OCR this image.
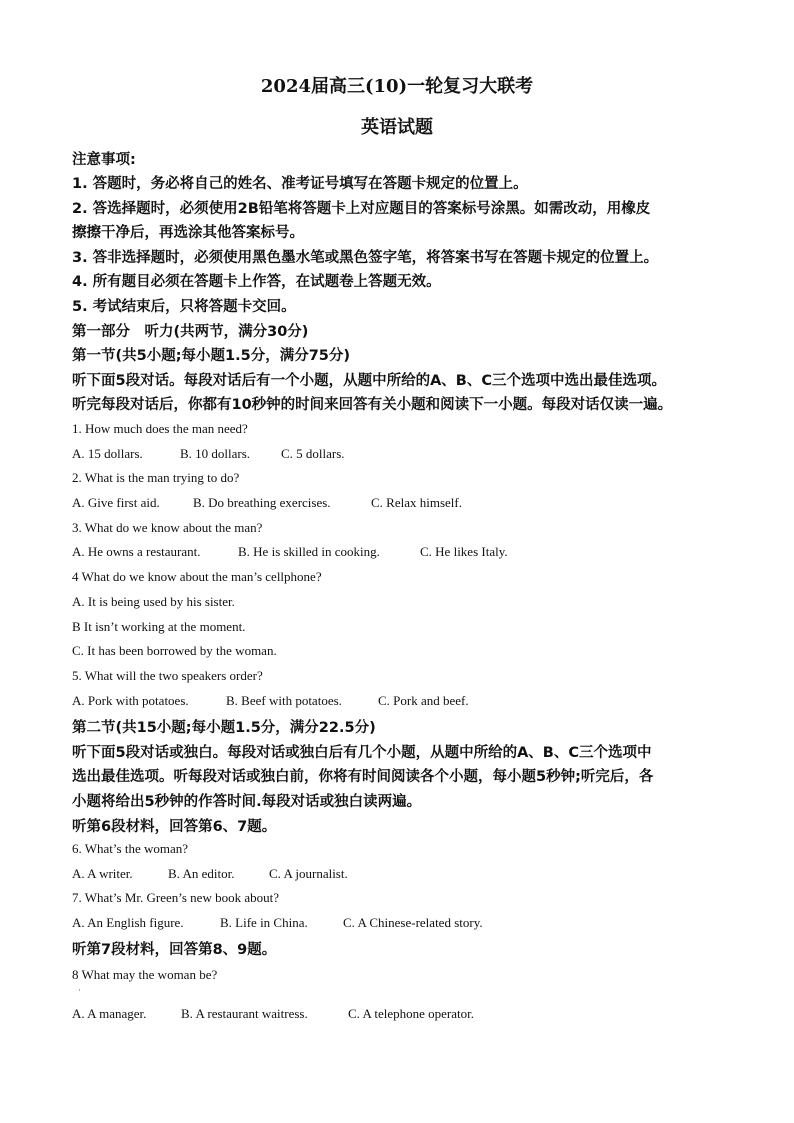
2024届高三(10)一轮复习大联考
英语试题
注意事项:
1. 答题时，务必将自己的姓名、准考证号填写在答题卡规定的位置上。
2. 答选择题时，必须使用2B铅笔将答题卡上对应题目的答案标号涂黑。如需改动，用橡皮
擦擦干净后，再选涂其他答案标号。
3. 答非选择题时，必须使用黑色墨水笔或黑色签字笔，将答案书写在答题卡规定的位置上。
4. 所有题目必须在答题卡上作答，在试题卷上答题无效。
5. 考试结束后，只将答题卡交回。
第一部分　听力(共两节，满分30分)
第一节(共5小题;每小题1.5分，满分75分)
听下面5段对话。每段对话后有一个小题，从题中所给的A、B、C三个选项中选出最佳选项。
听完每段对话后，你都有10秒钟的时间来回答有关小题和阅读下一小题。每段对话仅读一遍。
1. How much does the man need?
A. 15 dollars.	B. 10 dollars. C. 5 dollars.
2. What is the man trying to do?
A. Give first aid.	B. Do breathing exercises.	C. Relax himself.
3. What do we know about the man?
A. He owns a restaurant.	B. He is skilled in cooking.	C. He likes Italy.
4 What do we know about the man’s cellphone?
A. It is being used by his sister.
B It isn’t working at the moment.
C. It has been borrowed by the woman.
5. What will the two speakers order?
A. Pork with potatoes.	B. Beef with potatoes.	C. Pork and beef.
第二节(共15小题;每小题1.5分，满分22.5分)
听下面5段对话或独白。每段对话或独白后有几个小题，从题中所给的A、B、C三个选项中
选出最佳选项。听每段对话或独白前，你将有时间阅读各个小题，每小题5秒钟;听完后，各
小题将给出5秒钟的作答时间.每段对话或独白读两遍。
听第6段材料，回答第6、7题。
6. What’s the woman?
A. A writer.	B. An editor.	C. A journalist.
7. What’s Mr. Green’s new book about?
A. An English figure.	B. Life in China.	C. A Chinese-related story.
听第7段材料，回答第8、9题。
8 What may the woman be?
·
A. A manager.	B. A restaurant waitress.	C. A telephone operator.
